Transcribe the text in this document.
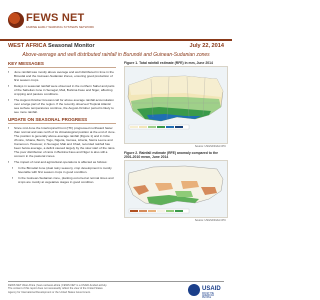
FEWS NET
FAMINE EARLY WARNING SYSTEMS NETWORK
WEST AFRICA Seasonal Monitor	July 22, 2014
Above-average and well distributed rainfall in Burundé and Guinean-Sudanian zones
KEY MESSAGES
▪ June rainfall was mostly above average and well distributed in time in the Bimodal and the Guinean-Sudanian Zones, ensuring good production of first season crops.
▪ Delays in seasonal rainfall were observed in the northern Sahel and parts of the Sahelian zone in Senegal, Mali, Burkina Faso and Niger, affecting cropping and pasture conditions.
▪ The August-October forecast call for above average rainfall accumulation over a large part of the region. If the recently observed Tropical Atlantic sea surface temperatures continue, the August-October period is likely to see more rainfall.
UPDATE ON SEASONAL PROGRESS
▪ Since mid-June the Intertropical Front (ITF) progressed northward faster than normal and was north of its climatological position at the end of June. The position is generally above-average rainfall (Figure 1) and in Côte d'Ivoire, Ghana, Benin, Togo, Nigeria, Guinea, Liberia, Sierra Leone and Cameroon. However, in Senegal, Mali and Chad, recorded rainfall has been below average, a deficit caused largely by the slow start of the rains. The poor distribution of rains in Burkina Faso and Niger is also still a concern in the pastoral zones.
▪ The impact of rural and agricultural operations is affected as follows:
▪ In the Bimodal zone (dual rainy season), crop development is mostly favorable with first season crops in good condition.
▪ In the Guinean-Sudanian zone, planting occurred at normal times and crops are mostly at vegetative stages in good condition.
Figure 1. Total rainfall estimate (RFE) in mm, June 2014
Source: USGS/NOAA CPC
Figure 2. Rainfall estimate (RFE) anomaly compared to the 2001-2010 mean, June 2014
Source: USGS/NOAA CPC
FEWS NET West Africa | fews.net/west-africa | FEWS NET is a USAID-funded activity. The content of this report does not necessarily reflect the view of the United States Agency for International Development or the United States Government.
USAID
FROM THE AMERICAN PEOPLE
